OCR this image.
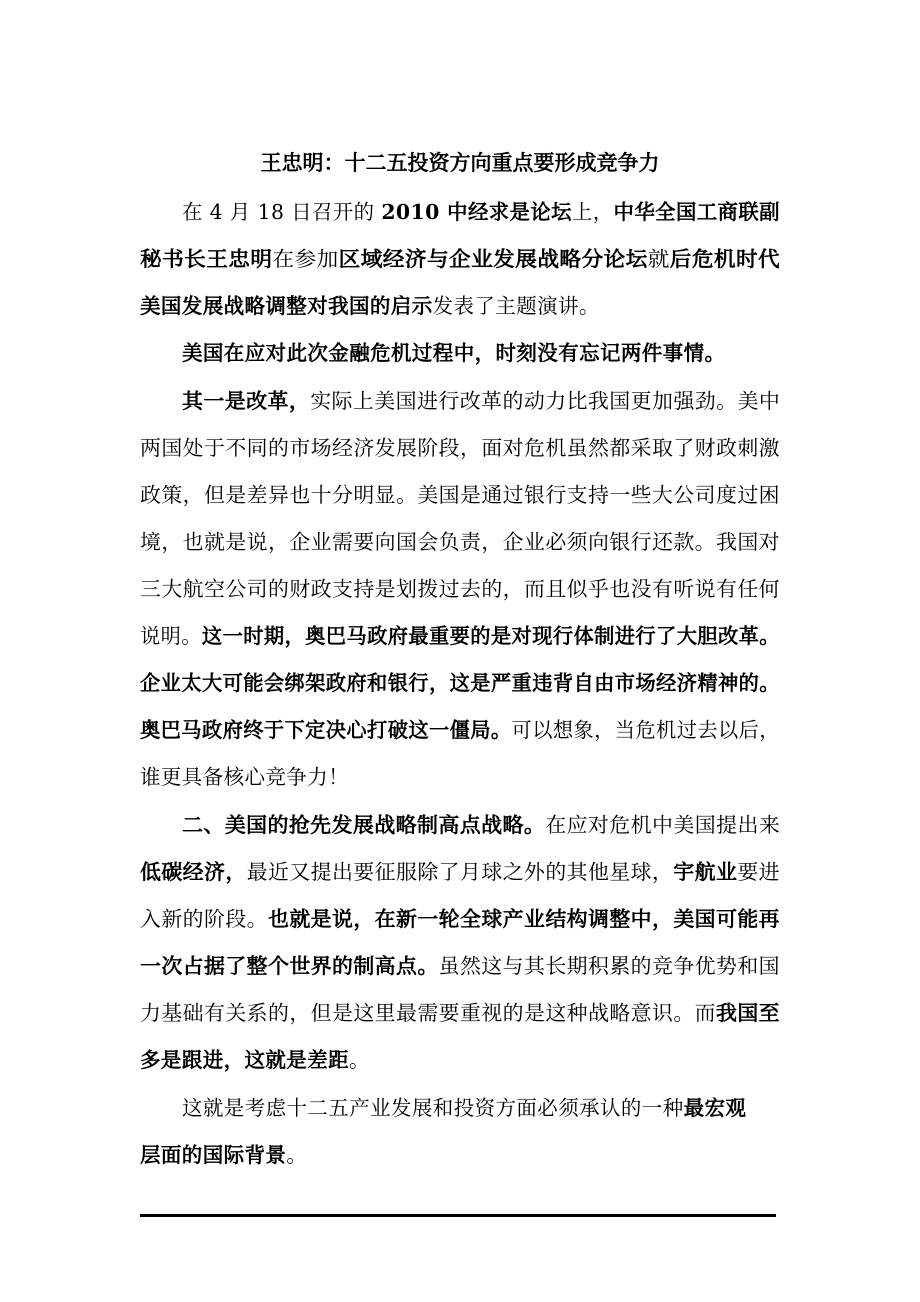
王忠明：十二五投资方向重点要形成竞争力
在 4 月 18 日召开的 2010 中经求是论坛上，中华全国工商联副
秘书长王忠明在参加区域经济与企业发展战略分论坛就后危机时代
美国发展战略调整对我国的启示发表了主题演讲。
美国在应对此次金融危机过程中，时刻没有忘记两件事情。
其一是改革，实际上美国进行改革的动力比我国更加强劲。美中
两国处于不同的市场经济发展阶段，面对危机虽然都采取了财政刺激
政策，但是差异也十分明显。美国是通过银行支持一些大公司度过困
境，也就是说，企业需要向国会负责，企业必须向银行还款。我国对
三大航空公司的财政支持是划拨过去的，而且似乎也没有听说有任何
说明。这一时期，奥巴马政府最重要的是对现行体制进行了大胆改革。
企业太大可能会绑架政府和银行，这是严重违背自由市场经济精神的。
奥巴马政府终于下定决心打破这一僵局。可以想象，当危机过去以后，
谁更具备核心竞争力！
二、美国的抢先发展战略制高点战略。在应对危机中美国提出来
低碳经济，最近又提出要征服除了月球之外的其他星球，宇航业要进
入新的阶段。也就是说，在新一轮全球产业结构调整中，美国可能再
一次占据了整个世界的制高点。虽然这与其长期积累的竞争优势和国
力基础有关系的，但是这里最需要重视的是这种战略意识。而我国至
多是跟进，这就是差距。
这就是考虑十二五产业发展和投资方面必须承认的一种最宏观
层面的国际背景。
